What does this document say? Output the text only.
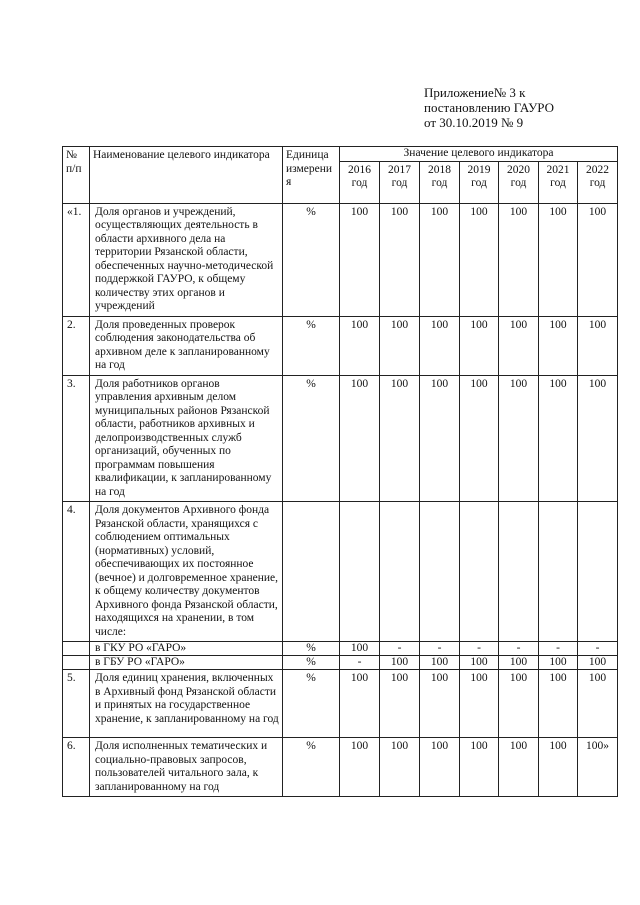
Приложение№ 3 к
постановлению ГАУРО
от 30.10.2019 № 9
№ п/п	Наименование целевого индикатора	Единица измерения	Значение целевого индикатора						
			2016 год	2017 год	2018 год	2019 год	2020 год	2021 год	2022 год
«1.	Доля органов и учреждений, осуществляющих деятельность в области архивного дела на территории Рязанской области, обеспеченных научно-методической поддержкой ГАУРО, к общему количеству этих органов и учреждений	%	100	100	100	100	100	100	100
2.	Доля проведенных проверок соблюдения законодательства об архивном деле к запланированному на год	%	100	100	100	100	100	100	100
3.	Доля работников органов управления архивным делом муниципальных районов Рязанской области, работников архивных и делопроизводственных служб организаций, обученных по программам повышения квалификации, к запланированному на год	%	100	100	100	100	100	100	100
4.	Доля документов Архивного фонда Рязанской области, хранящихся с соблюдением оптимальных (нормативных) условий, обеспечивающих их постоянное (вечное) и долговременное хранение, к общему количеству документов Архивного фонда Рязанской области, находящихся на хранении, в том числе:								
	в ГКУ РО «ГАРО»	%	100	-	-	-	-	-	-
	в ГБУ РО «ГАРО»	%	-	100	100	100	100	100	100
5.	Доля единиц хранения, включенных в Архивный фонд Рязанской области и принятых на государственное хранение, к запланированному на год	%	100	100	100	100	100	100	100
6.	Доля исполненных тематических и социально-правовых запросов, пользователей читального зала, к запланированному на год	%	100	100	100	100	100	100	100»
